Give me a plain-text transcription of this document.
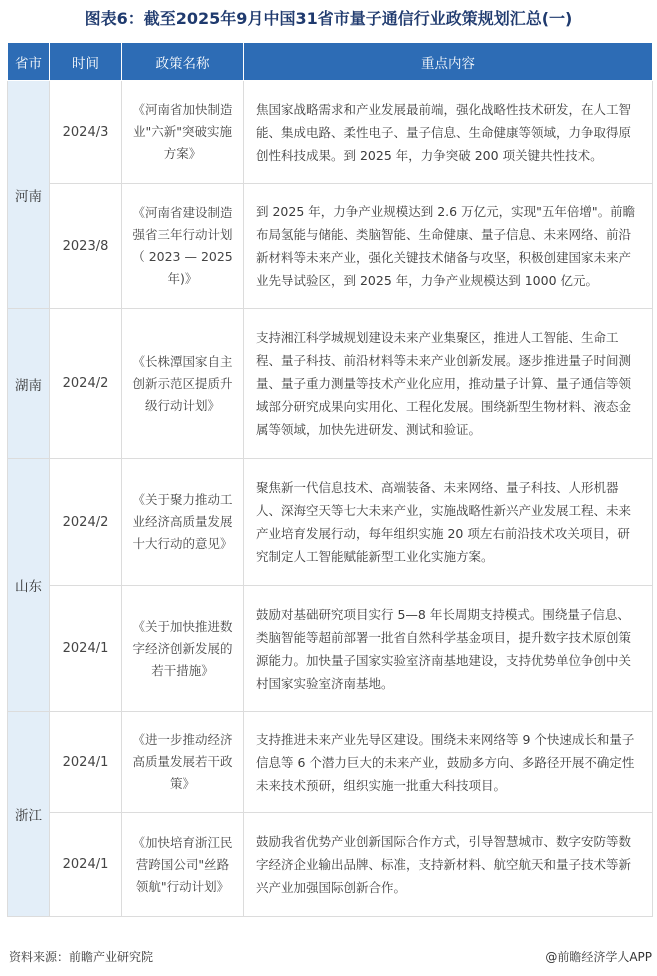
图表6：截至2025年9月中国31省市量子通信行业政策规划汇总(一)
省市	时间	政策名称	重点内容
河南	2024/3	《河南省加快制造业"六新"突破实施方案》	焦国家战略需求和产业发展最前端，强化战略性技术研发，在人工智能、集成电路、柔性电子、量子信息、生命健康等领域，力争取得原创性科技成果。到 2025 年，力争突破 200 项关键共性技术。
	2023/8	《河南省建设制造强省三年行动计划（ 2023 — 2025 年)》	到 2025 年，力争产业规模达到 2.6 万亿元，实现"五年倍增"。前瞻布局氢能与储能、类脑智能、生命健康、量子信息、未来网络、前沿新材料等未来产业，强化关键技术储备与攻坚，积极创建国家未来产业先导试验区，到 2025 年，力争产业规模达到 1000 亿元。
湖南	2024/2	《长株潭国家自主创新示范区提质升级行动计划》	支持湘江科学城规划建设未来产业集聚区，推进人工智能、生命工程、量子科技、前沿材料等未来产业创新发展。逐步推进量子时间测量、量子重力测量等技术产业化应用，推动量子计算、量子通信等领域部分研究成果向实用化、工程化发展。围绕新型生物材料、液态金属等领域，加快先进研发、测试和验证。
山东	2024/2	《关于聚力推动工业经济高质量发展十大行动的意见》	聚焦新一代信息技术、高端装备、未来网络、量子科技、人形机器人、深海空天等七大未来产业，实施战略性新兴产业发展工程、未来产业培育发展行动，每年组织实施 20 项左右前沿技术攻关项目，研究制定人工智能赋能新型工业化实施方案。
	2024/1	《关于加快推进数字经济创新发展的若干措施》	鼓励对基础研究项目实行 5—8 年长周期支持模式。围绕量子信息、类脑智能等超前部署一批省自然科学基金项目，提升数字技术原创策源能力。加快量子国家实验室济南基地建设，支持优势单位争创中关村国家实验室济南基地。
浙江	2024/1	《进一步推动经济高质量发展若干政策》	支持推进未来产业先导区建设。围绕未来网络等 9 个快速成长和量子信息等 6 个潜力巨大的未来产业，鼓励多方向、多路径开展不确定性未来技术预研，组织实施一批重大科技项目。
	2024/1	《加快培育浙江民营跨国公司"丝路领航"行动计划》	鼓励我省优势产业创新国际合作方式，引导智慧城市、数字安防等数字经济企业输出品牌、标准，支持新材料、航空航天和量子技术等新兴产业加强国际创新合作。
资料来源：前瞻产业研究院	@前瞻经济学人APP
